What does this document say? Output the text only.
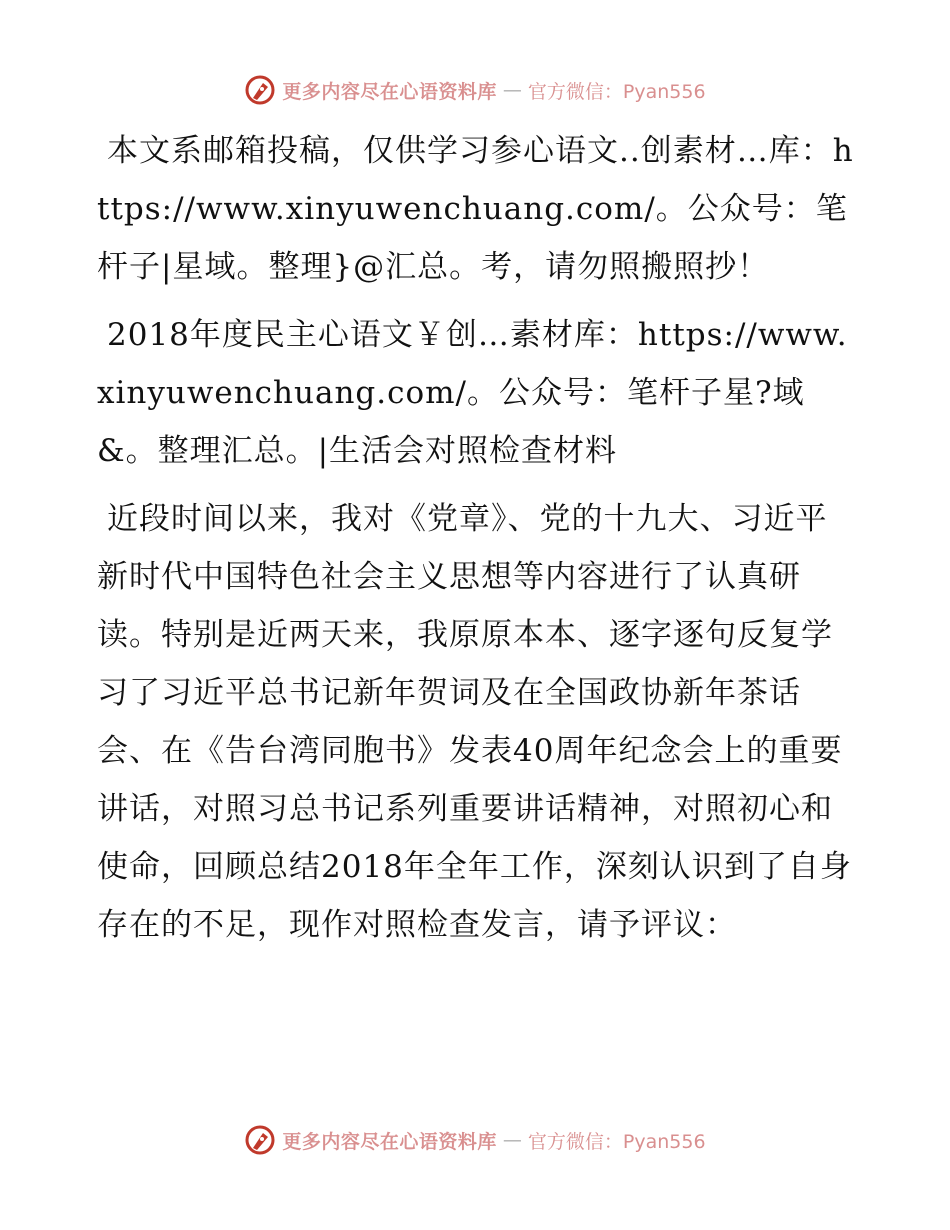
更多内容尽在心语资料库 — 官方微信：Pyan556

本文系邮箱投稿，仅供学习参心语文..创素材…库：https://www.xinyuwenchuang.com/。公众号：笔杆子|星域。整理}@汇总。考，请勿照搬照抄！

2018年度民主心语文￥创…素材库：https://www.xinyuwenchuang.com/。公众号：笔杆子星?域&。整理汇总。|生活会对照检查材料

近段时间以来，我对《党章》、党的十九大、习近平新时代中国特色社会主义思想等内容进行了认真研读。特别是近两天来，我原原本本、逐字逐句反复学习了习近平总书记新年贺词及在全国政协新年茶话会、在《告台湾同胞书》发表40周年纪念会上的重要讲话，对照习总书记系列重要讲话精神，对照初心和使命，回顾总结2018年全年工作，深刻认识到了自身存在的不足，现作对照检查发言，请予评议：

更多内容尽在心语资料库 — 官方微信：Pyan556
